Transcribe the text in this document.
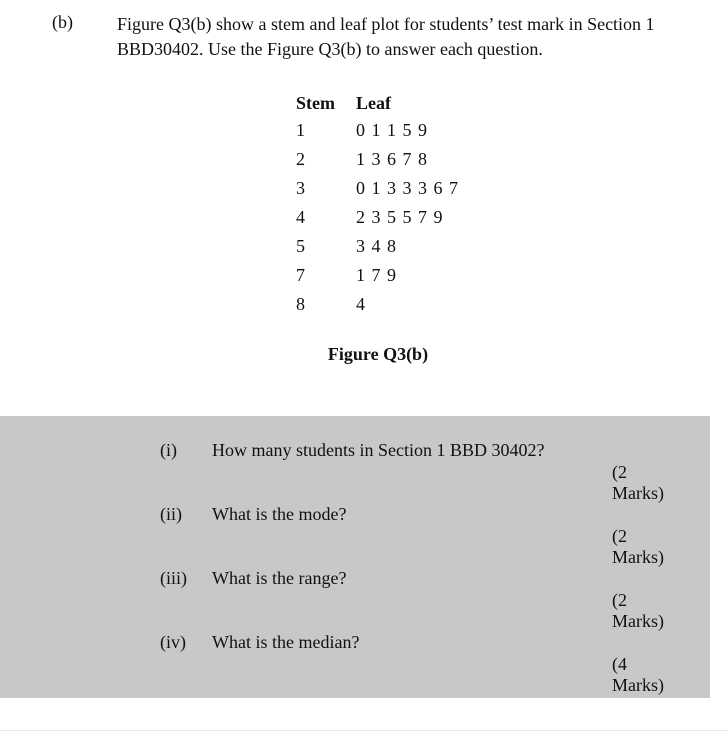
(b) Figure Q3(b) show a stem and leaf plot for students’ test mark in Section 1
BBD30402. Use the Figure Q3(b) to answer each question.
Stem	Leaf
1	0 1 1 5 9
2	1 3 6 7 8
3	0 1 3 3 3 6 7
4	2 3 5 5 7 9
5	3 4 8
7	1 7 9
8	4
Figure Q3(b)
(i) How many students in Section 1 BBD 30402?
(2 Marks)
(ii) What is the mode?
(2 Marks)
(iii) What is the range?
(2 Marks)
(iv) What is the median?
(4 Marks)
